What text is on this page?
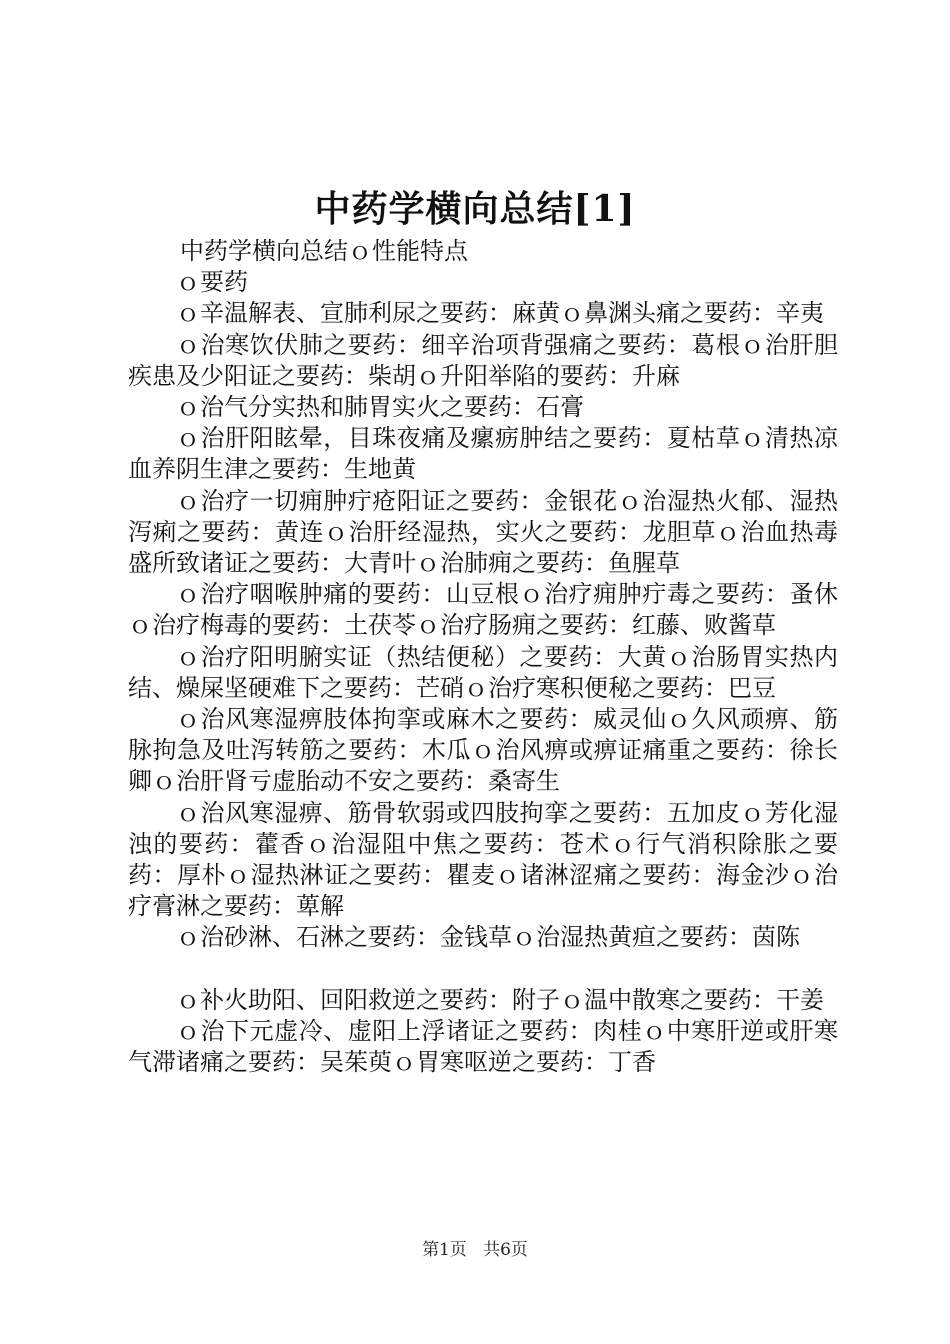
中药学横向总结[1]

中药学横向总结ｏ性能特点

ｏ要药

ｏ辛温解表、宣肺利尿之要药：麻黄ｏ鼻渊头痛之要药：辛夷

ｏ治寒饮伏肺之要药：细辛治项背强痛之要药：葛根ｏ治肝胆疾患及少阳证之要药：柴胡ｏ升阳举陷的要药：升麻

ｏ治气分实热和肺胃实火之要药：石膏

ｏ治肝阳眩晕，目珠夜痛及瘰疬肿结之要药：夏枯草ｏ清热凉血养阴生津之要药：生地黄

ｏ治疗一切痈肿疔疮阳证之要药：金银花ｏ治湿热火郁、湿热泻痢之要药：黄连ｏ治肝经湿热，实火之要药：龙胆草ｏ治血热毒盛所致诸证之要药：大青叶ｏ治肺痈之要药：鱼腥草

ｏ治疗咽喉肿痛的要药：山豆根ｏ治疗痈肿疔毒之要药：蚤休ｏ治疗梅毒的要药：土茯苓ｏ治疗肠痈之要药：红藤、败酱草

ｏ治疗阳明腑实证（热结便秘）之要药：大黄ｏ治肠胃实热内结、燥屎坚硬难下之要药：芒硝ｏ治疗寒积便秘之要药：巴豆

ｏ治风寒湿痹肢体拘挛或麻木之要药：威灵仙ｏ久风顽痹、筋脉拘急及吐泻转筋之要药：木瓜ｏ治风痹或痹证痛重之要药：徐长卿ｏ治肝肾亏虚胎动不安之要药：桑寄生

ｏ治风寒湿痹、筋骨软弱或四肢拘挛之要药：五加皮ｏ芳化湿浊的要药：藿香ｏ治湿阻中焦之要药：苍术ｏ行气消积除胀之要药：厚朴ｏ湿热淋证之要药：瞿麦ｏ诸淋涩痛之要药：海金沙ｏ治疗膏淋之要药：萆解

ｏ治砂淋、石淋之要药：金钱草ｏ治湿热黄疸之要药：茵陈

ｏ补火助阳、回阳救逆之要药：附子ｏ温中散寒之要药：干姜

ｏ治下元虚冷、虚阳上浮诸证之要药：肉桂ｏ中寒肝逆或肝寒气滞诸痛之要药：吴茱萸ｏ胃寒呕逆之要药：丁香

第1页 共6页
